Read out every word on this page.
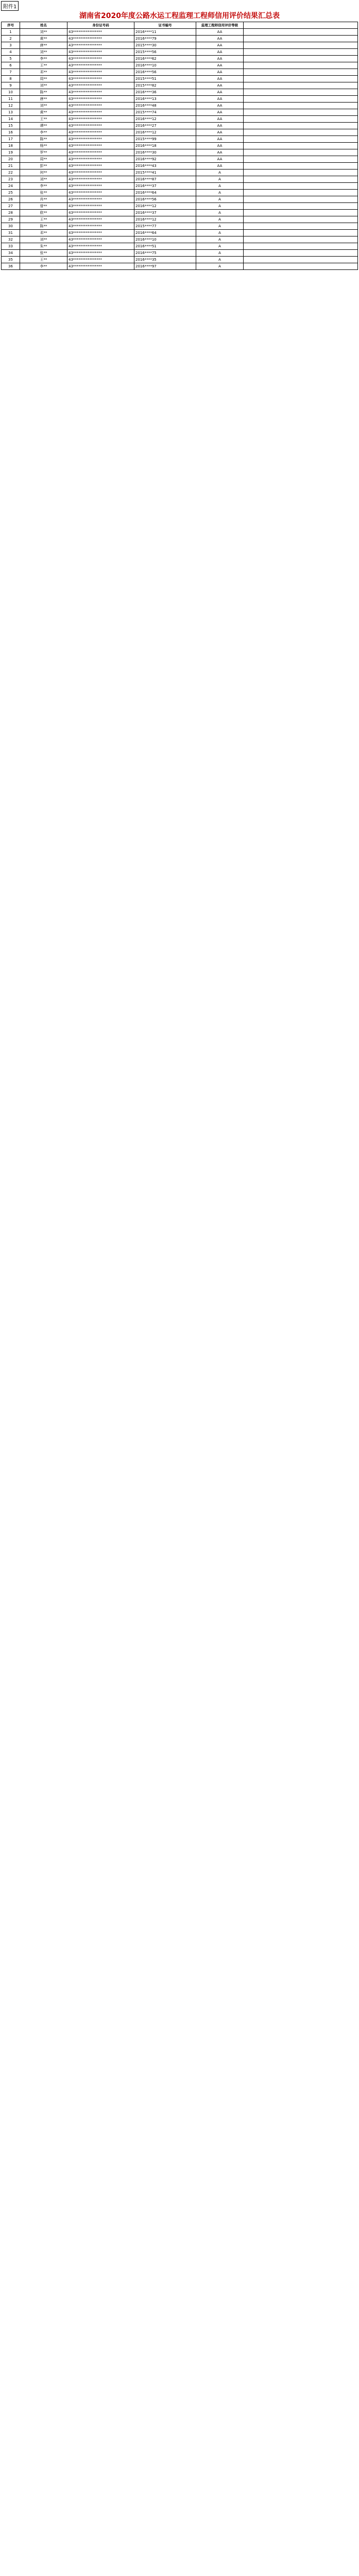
附件1
湖南省2020年度公路水运工程监理工程师信用评价结果汇总表
序号	姓名	身份证号码	证书编号	监理工程师信用评价等级	
1	刘**	43****************	2016****11	AA	
2	黄**	43****************	2016****79	AA	
3	唐**	43****************	2015****30	AA	
4	刘**	43****************	2015****56	AA	
5	李**	43****************	2016****62	AA	
6	王**	43****************	2016****10	AA	
7	邓**	43****************	2016****56	AA	
8	周**	43****************	2015****51	AA	
9	刘**	43****************	2015****82	AA	
10	陈**	43****************	2016****36	AA	
11	唐**	43****************	2016****13	AA	
12	刘**	43****************	2016****48	AA	
13	黄**	43****************	2015****74	AA	
14	王**	43****************	2016****12	AA	
15	谭**	43****************	2016****27	AA	
16	李**	43****************	2016****12	AA	
17	陈**	43****************	2015****99	AA	
18	杨**	43****************	2016****18	AA	
19	罗**	43****************	2016****30	AA	
20	周**	43****************	2016****92	AA	
21	彭**	43****************	2016****43	AA	
22	何**	43****************	2015****41	A	
23	刘**	43****************	2016****87	A	
24	李**	43****************	2016****37	A	
25	张**	43****************	2016****64	A	
26	肖**	43****************	2016****56	A	
27	曾**	43****************	2016****12	A	
28	欧**	43****************	2016****37	A	
29	王**	43****************	2016****12	A	
30	陈**	43****************	2015****77	A	
31	邓**	43****************	2016****64	A	
32	刘**	43****************	2016****10	A	
33	朱**	43****************	2016****51	A	
34	张**	43****************	2016****75	A	
35	王**	43****************	2016****35	A	
36	李**	43****************	2016****97	A	
